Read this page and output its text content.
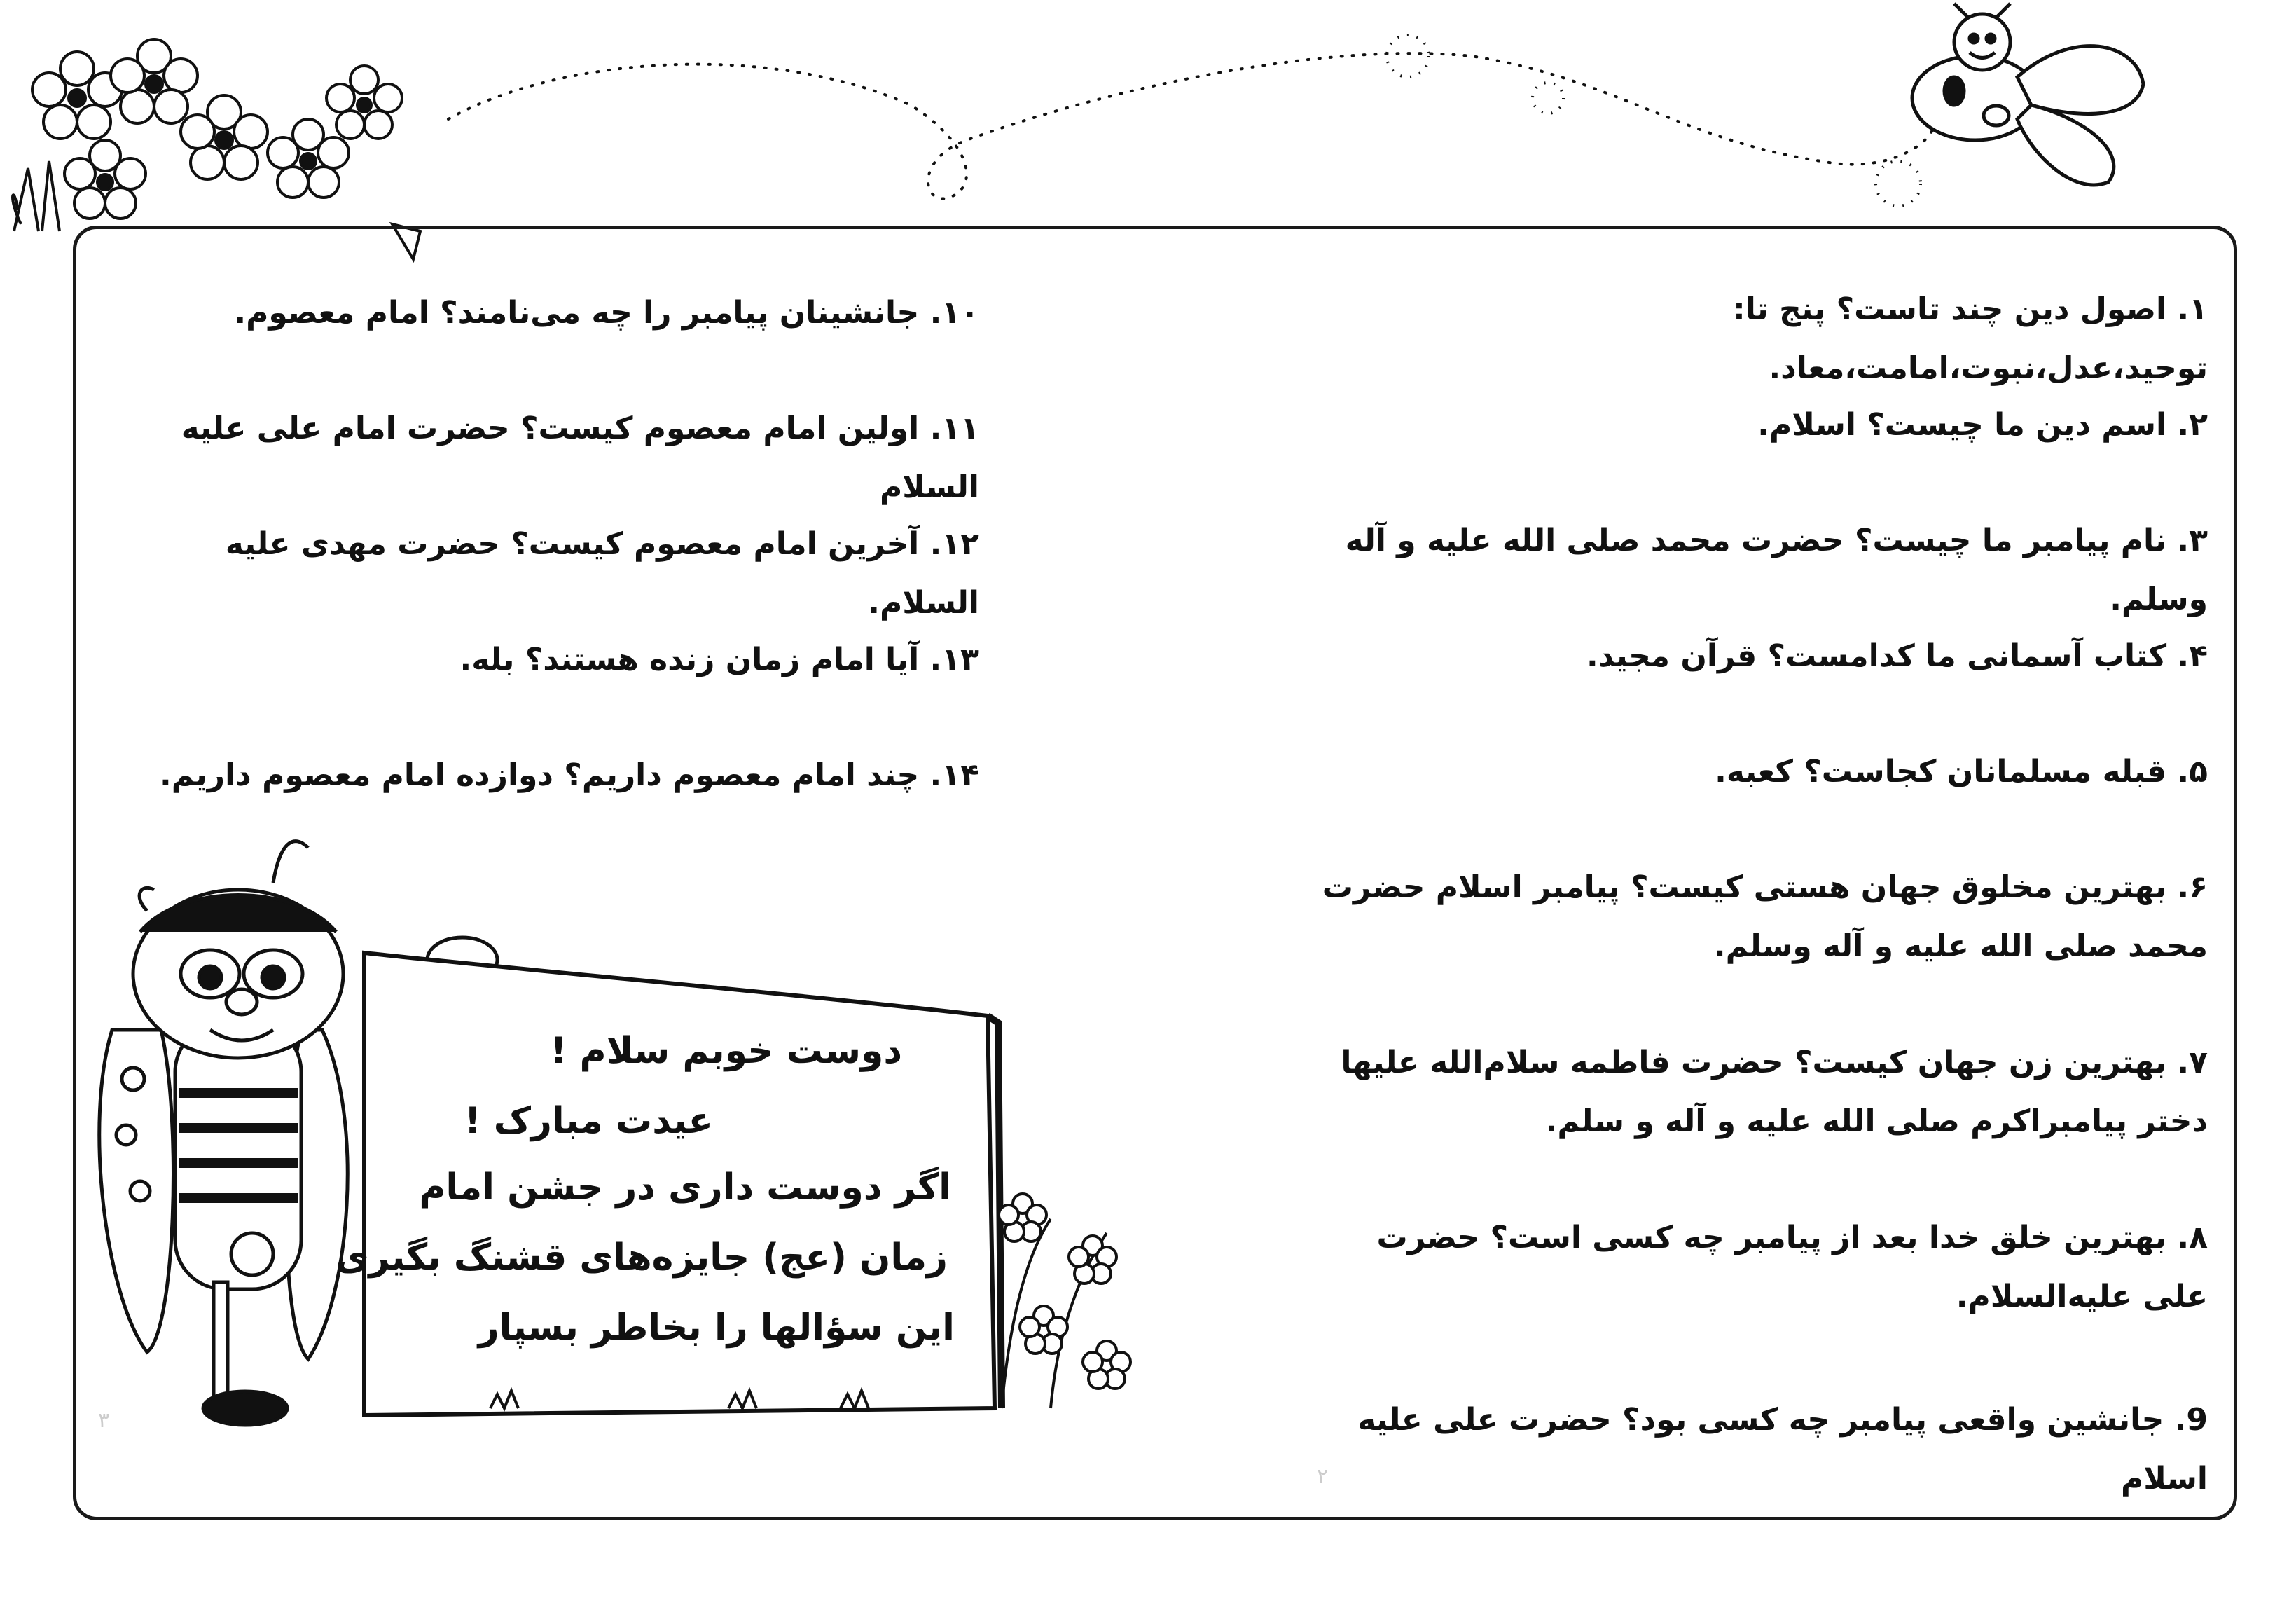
۱. اصول دین چند تاست؟ پنج تا: توحید،عدل،نبوت،امامت،معاد.

۲. اسم دین ما چیست؟ اسلام.

۳. نام پیامبر ما چیست؟ حضرت محمد صلی الله علیه و آله وسلم.

۴. کتاب آسمانی ما کدامست؟ قرآن مجید.

۵. قبله مسلمانان کجاست؟ کعبه.

۶. بهترین مخلوق جهان هستی کیست؟ پیامبر اسلام حضرت محمد صلی الله علیه و آله وسلم.

۷. بهترین زن جهان کیست؟ حضرت فاطمه سلام‌الله علیها دختر پیامبراکرم صلی الله علیه و آله و سلم.

۸. بهترین خلق خدا بعد از پیامبر چه کسی است؟ حضرت علی علیه‌السلام.

9. جانشین واقعی پیامبر چه کسی بود؟ حضرت علی علیه اسلام

۱۰. جانشینان پیامبر را چه می‌نامند؟ امام معصوم.

۱۱. اولین امام معصوم کیست؟ حضرت امام علی علیه السلام

۱۲. آخرین امام معصوم کیست؟ حضرت مهدی علیه السلام.

۱۳. آیا امام زمان زنده هستند؟ بله.

۱۴. چند امام معصوم داریم؟ دوازده امام معصوم داریم.

دوست خوبم سلام !
عیدت مبارک !
اگر دوست داری در جشن امام
زمان (عج) جایزه‌های قشنگ بگیری
این سؤالها را بخاطر بسپار
۳
۲
